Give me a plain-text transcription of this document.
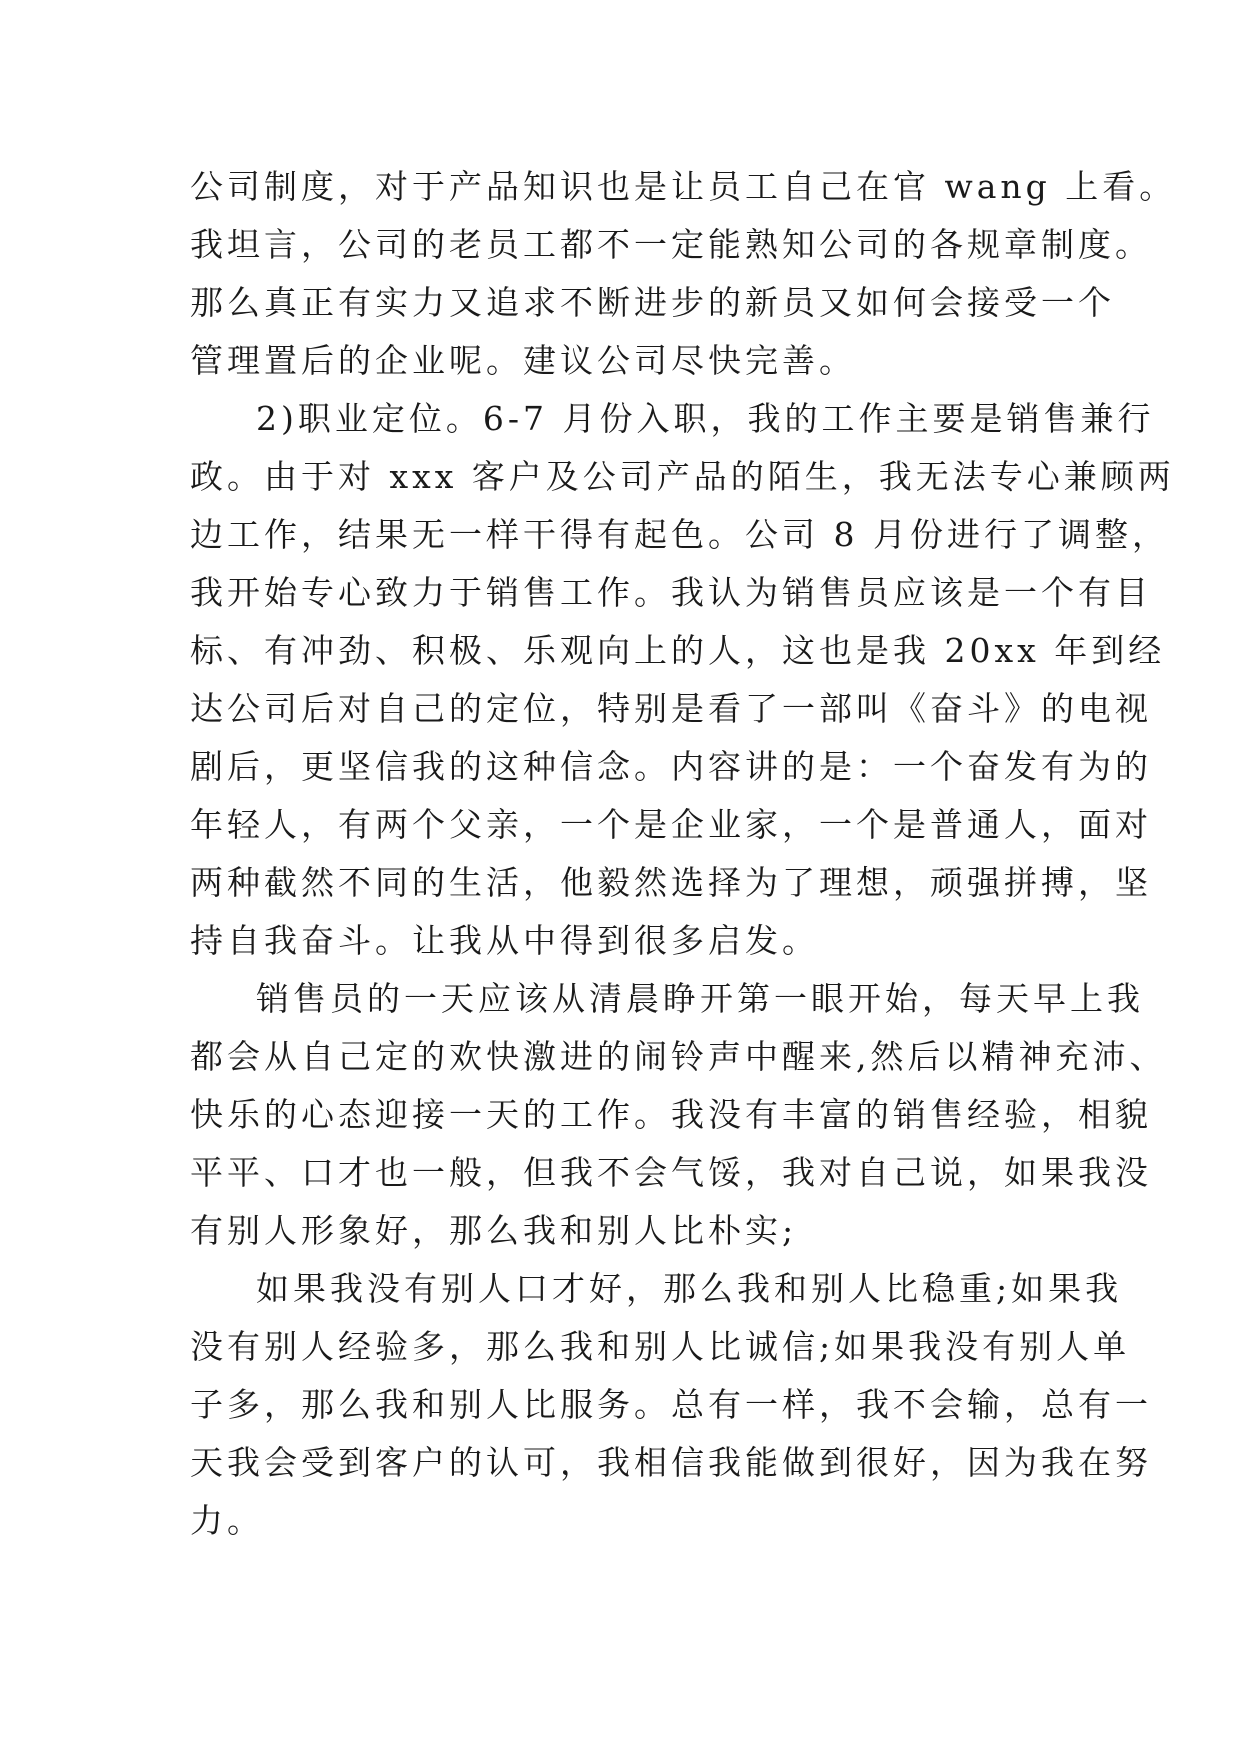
公司制度，对于产品知识也是让员工自己在官 wang 上看。
我坦言，公司的老员工都不一定能熟知公司的各规章制度。
那么真正有实力又追求不断进步的新员又如何会接受一个
管理置后的企业呢。建议公司尽快完善。
2)职业定位。6-7 月份入职，我的工作主要是销售兼行
政。由于对 xxx 客户及公司产品的陌生，我无法专心兼顾两
边工作，结果无一样干得有起色。公司 8 月份进行了调整，
我开始专心致力于销售工作。我认为销售员应该是一个有目
标、有冲劲、积极、乐观向上的人，这也是我 20xx 年到经
达公司后对自己的定位，特别是看了一部叫《奋斗》的电视
剧后，更坚信我的这种信念。内容讲的是：一个奋发有为的
年轻人，有两个父亲，一个是企业家，一个是普通人，面对
两种截然不同的生活，他毅然选择为了理想，顽强拼搏，坚
持自我奋斗。让我从中得到很多启发。
销售员的一天应该从清晨睁开第一眼开始，每天早上我
都会从自己定的欢快激进的闹铃声中醒来,然后以精神充沛、
快乐的心态迎接一天的工作。我没有丰富的销售经验，相貌
平平、口才也一般，但我不会气馁，我对自己说，如果我没
有别人形象好，那么我和别人比朴实;
如果我没有别人口才好，那么我和别人比稳重;如果我
没有别人经验多，那么我和别人比诚信;如果我没有别人单
子多，那么我和别人比服务。总有一样，我不会输，总有一
天我会受到客户的认可，我相信我能做到很好，因为我在努
力。
